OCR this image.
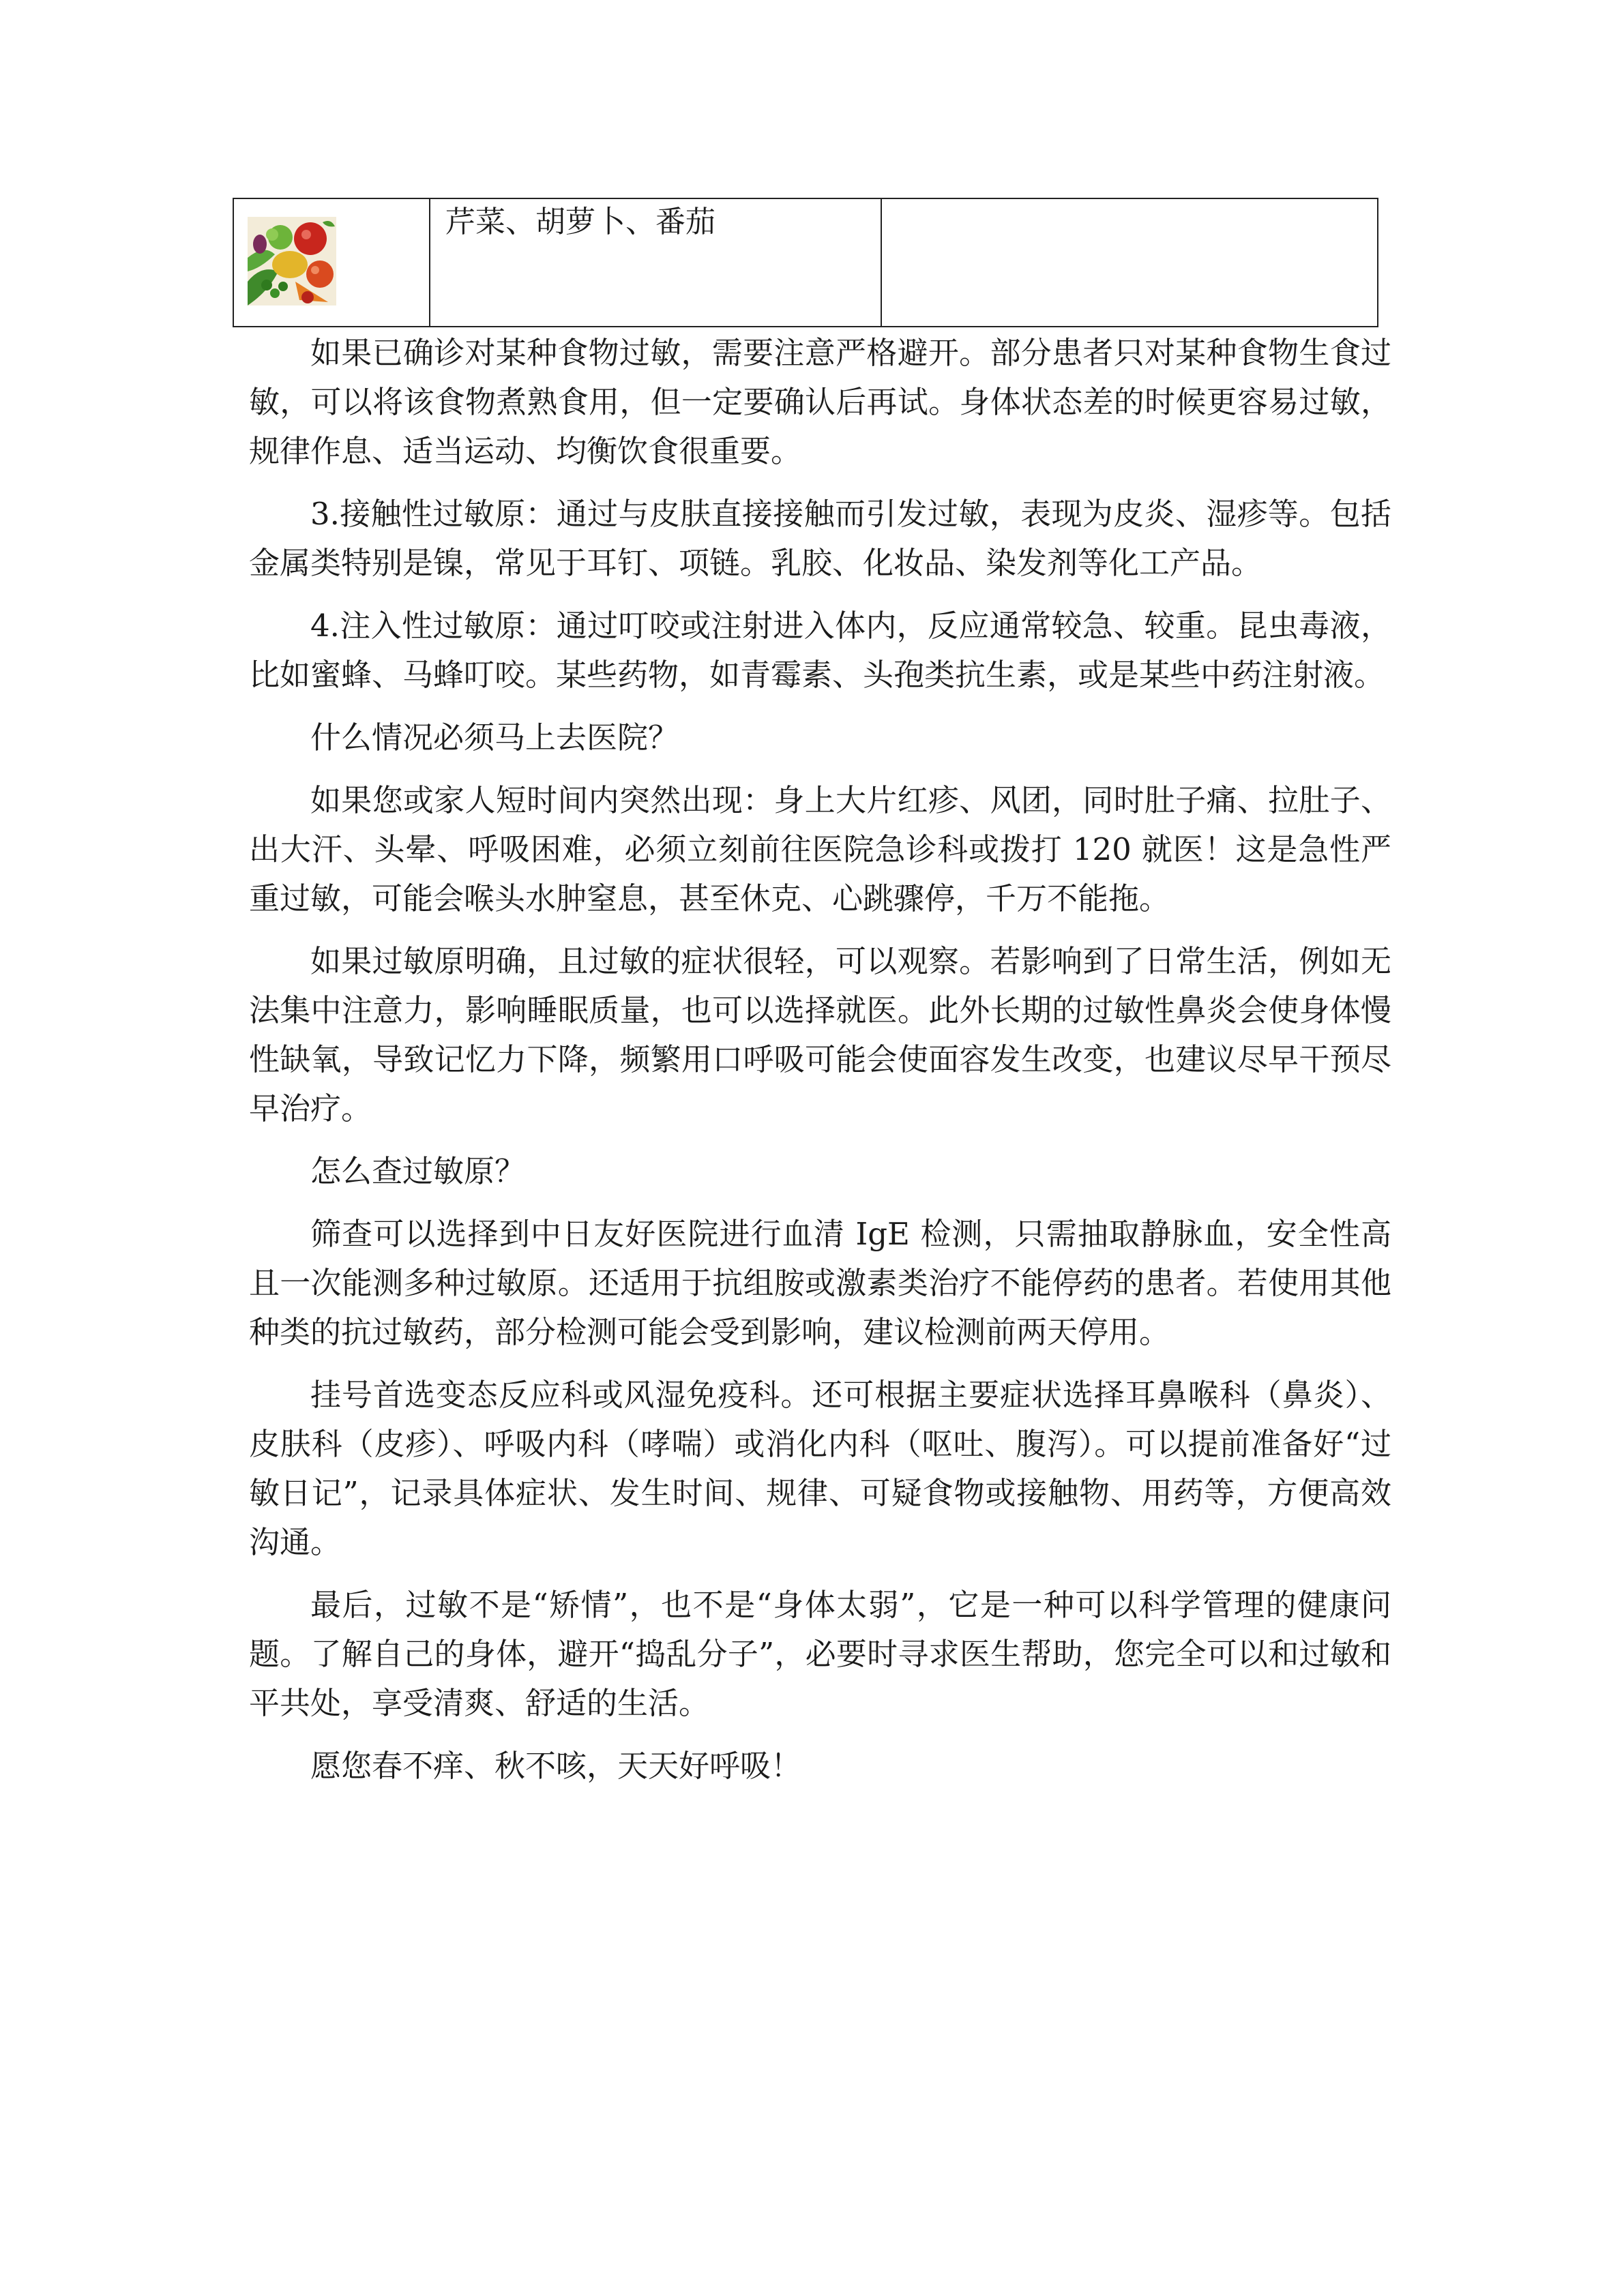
芹菜、胡萝卜、番茄

如果已确诊对某种食物过敏，需要注意严格避开。部分患者只对某种食物生食过敏，可以将该食物煮熟食用，但一定要确认后再试。身体状态差的时候更容易过敏，规律作息、适当运动、均衡饮食很重要。

3.接触性过敏原：通过与皮肤直接接触而引发过敏，表现为皮炎、湿疹等。包括金属类特别是镍，常见于耳钉、项链。乳胶、化妆品、染发剂等化工产品。

4.注入性过敏原：通过叮咬或注射进入体内，反应通常较急、较重。昆虫毒液，比如蜜蜂、马蜂叮咬。某些药物，如青霉素、头孢类抗生素，或是某些中药注射液。

什么情况必须马上去医院？

如果您或家人短时间内突然出现：身上大片红疹、风团，同时肚子痛、拉肚子、出大汗、头晕、呼吸困难，必须立刻前往医院急诊科或拨打 120 就医！这是急性严重过敏，可能会喉头水肿窒息，甚至休克、心跳骤停，千万不能拖。

如果过敏原明确，且过敏的症状很轻，可以观察。若影响到了日常生活，例如无法集中注意力，影响睡眠质量，也可以选择就医。此外长期的过敏性鼻炎会使身体慢性缺氧，导致记忆力下降，频繁用口呼吸可能会使面容发生改变，也建议尽早干预尽早治疗。

怎么查过敏原？

筛查可以选择到中日友好医院进行血清 IgE 检测，只需抽取静脉血，安全性高且一次能测多种过敏原。还适用于抗组胺或激素类治疗不能停药的患者。若使用其他种类的抗过敏药，部分检测可能会受到影响，建议检测前两天停用。

挂号首选变态反应科或风湿免疫科。还可根据主要症状选择耳鼻喉科（鼻炎）、皮肤科（皮疹）、呼吸内科（哮喘）或消化内科（呕吐、腹泻）。可以提前准备好“过敏日记”，记录具体症状、发生时间、规律、可疑食物或接触物、用药等，方便高效沟通。

最后，过敏不是“矫情”，也不是“身体太弱”，它是一种可以科学管理的健康问题。了解自己的身体，避开“捣乱分子”，必要时寻求医生帮助，您完全可以和过敏和平共处，享受清爽、舒适的生活。

愿您春不痒、秋不咳，天天好呼吸！
